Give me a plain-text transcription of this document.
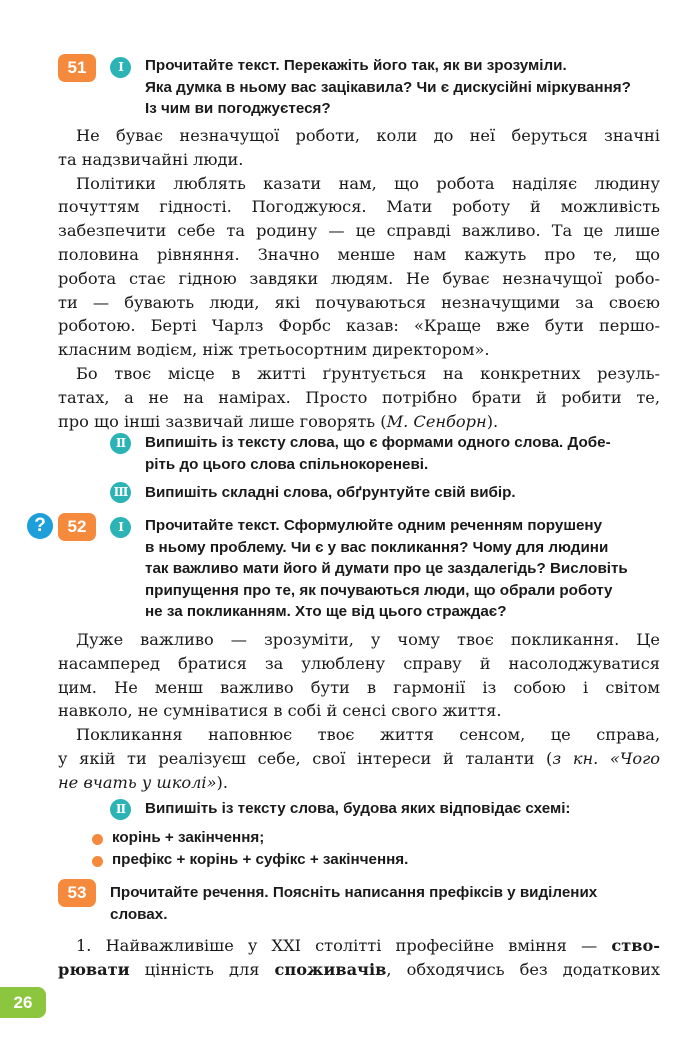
51	I	Прочитайте текст. Перекажіть його так, як ви зрозуміли.
Яка думка в ньому вас зацікавила? Чи є дискусійні міркування?
Із чим ви погоджуєтеся?
Не буває незначущої роботи, коли до неї беруться значні
та надзвичайні люди.
Політики люблять казати нам, що робота наділяє людину
почуттям гідності. Погоджуюся. Мати роботу й можливість
забезпечити себе та родину — це справді важливо. Та це лише
половина рівняння. Значно менше нам кажуть про те, що
робота стає гідною завдяки людям. Не буває незначущої робо-
ти — бувають люди, які почуваються незначущими за своєю
роботою. Берті Чарлз Форбс казав: «Краще вже бути першо-
класним водієм, ніж третьосортним директором».
Бо твоє місце в житті ґрунтується на конкретних резуль-
татах, а не на намірах. Просто потрібно брати й робити те,
про що інші зазвичай лише говорять (М. Сенборн).
II	Випишіть із тексту слова, що є формами одного слова. Добе-
ріть до цього слова спільнокореневі.
III Випишіть складні слова, обґрунтуйте свій вибір.
?	52	I	Прочитайте текст. Сформулюйте одним реченням порушену
в ньому проблему. Чи є у вас покликання? Чому для людини
так важливо мати його й думати про це заздалегідь? Висловіть
припущення про те, як почуваються люди, що обрали роботу
не за покликанням. Хто ще від цього страждає?
Дуже важливо — зрозуміти, у чому твоє покликання. Це
насамперед братися за улюблену справу й насолоджуватися
цим. Не менш важливо бути в гармонії із собою і світом
навколо, не сумніватися в собі й сенсі свого життя.
Покликання наповнює твоє життя сенсом, це справа,
у якій ти реалізуєш себе, свої інтереси й таланти (з кн. «Чого
не вчать у школі»).
II	Випишіть із тексту слова, будова яких відповідає схемі:
корінь + закінчення;
префікс + корінь + суфікс + закінчення.
53	Прочитайте речення. Поясніть написання префіксів у виділених
словах.
1. Найважливіше у XXI столітті професійне вміння — ство-
рювати цінність для споживачів, обходячись без додаткових
26
